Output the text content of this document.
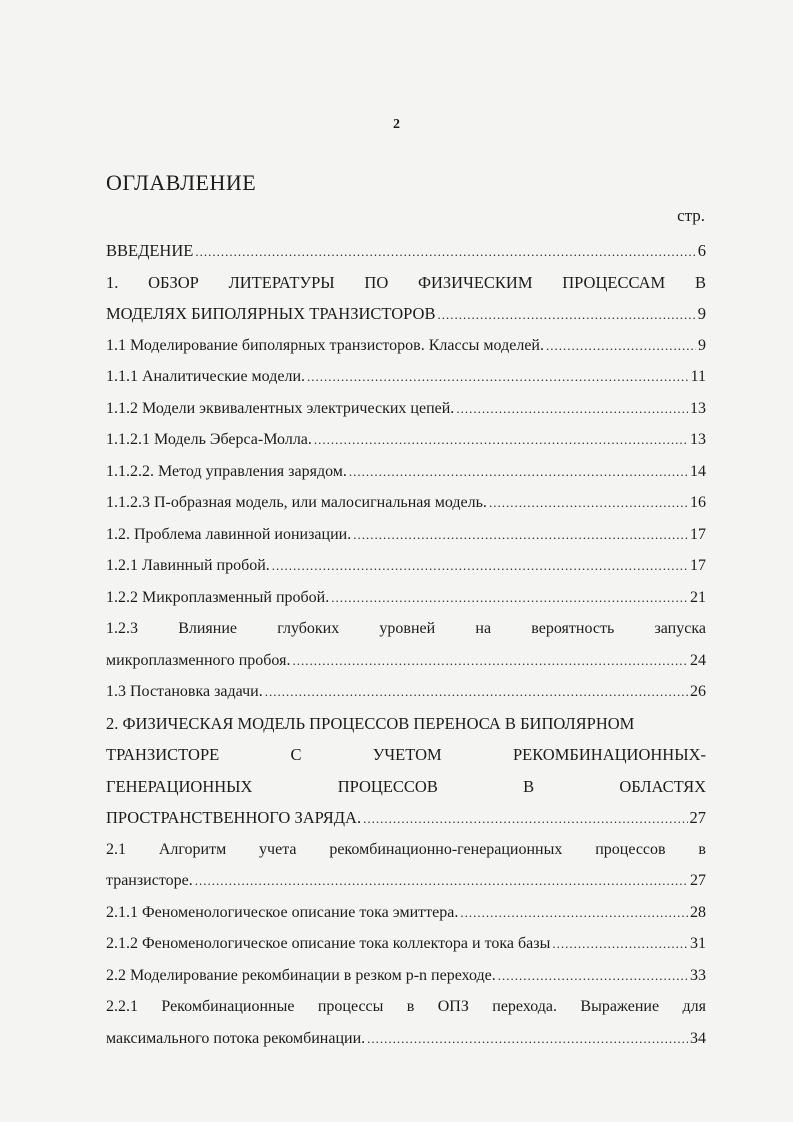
2
ОГЛАВЛЕНИЕ
стр.
ВВЕДЕНИЕ .....	6
1. ОБЗОР ЛИТЕРАТУРЫ ПО ФИЗИЧЕСКИМ ПРОЦЕССАМ В
МОДЕЛЯХ БИПОЛЯРНЫХ ТРАНЗИСТОРОВ .....	9
1.1 Моделирование биполярных транзисторов. Классы моделей. .....	9
1.1.1 Аналитические модели. .....	11
1.1.2 Модели эквивалентных электрических цепей. .....	13
1.1.2.1 Модель Эберса-Молла. .....	13
1.1.2.2. Метод управления зарядом. .....	14
1.1.2.3 П-образная модель, или малосигнальная модель. .....	16
1.2. Проблема лавинной ионизации. .....	17
1.2.1 Лавинный пробой. .....	17
1.2.2 Микроплазменный пробой. .....	21
1.2.3	Влияние	глубоких	уровней	на	вероятность	запуска
микроплазменного пробоя. .....	24
1.3 Постановка задачи. .....	26
2. ФИЗИЧЕСКАЯ МОДЕЛЬ ПРОЦЕССОВ ПЕРЕНОСА В БИПОЛЯРНОМ
ТРАНЗИСТОРЕ	С	УЧЕТОМ	РЕКОМБИНАЦИОННЫХ-
ГЕНЕРАЦИОННЫХ	ПРОЦЕССОВ	В	ОБЛАСТЯХ
ПРОСТРАНСТВЕННОГО ЗАРЯДА. .....	27
2.1 Алгоритм учета рекомбинационно-генерационных процессов в
транзисторе. .....	27
2.1.1 Феноменологическое описание тока эмиттера. .....	28
2.1.2 Феноменологическое описание тока коллектора и тока базы .....	31
2.2 Моделирование рекомбинации в резком p-n переходе. .....	33
2.2.1 Рекомбинационные процессы в ОПЗ перехода. Выражение для
максимального потока рекомбинации. .....	34
